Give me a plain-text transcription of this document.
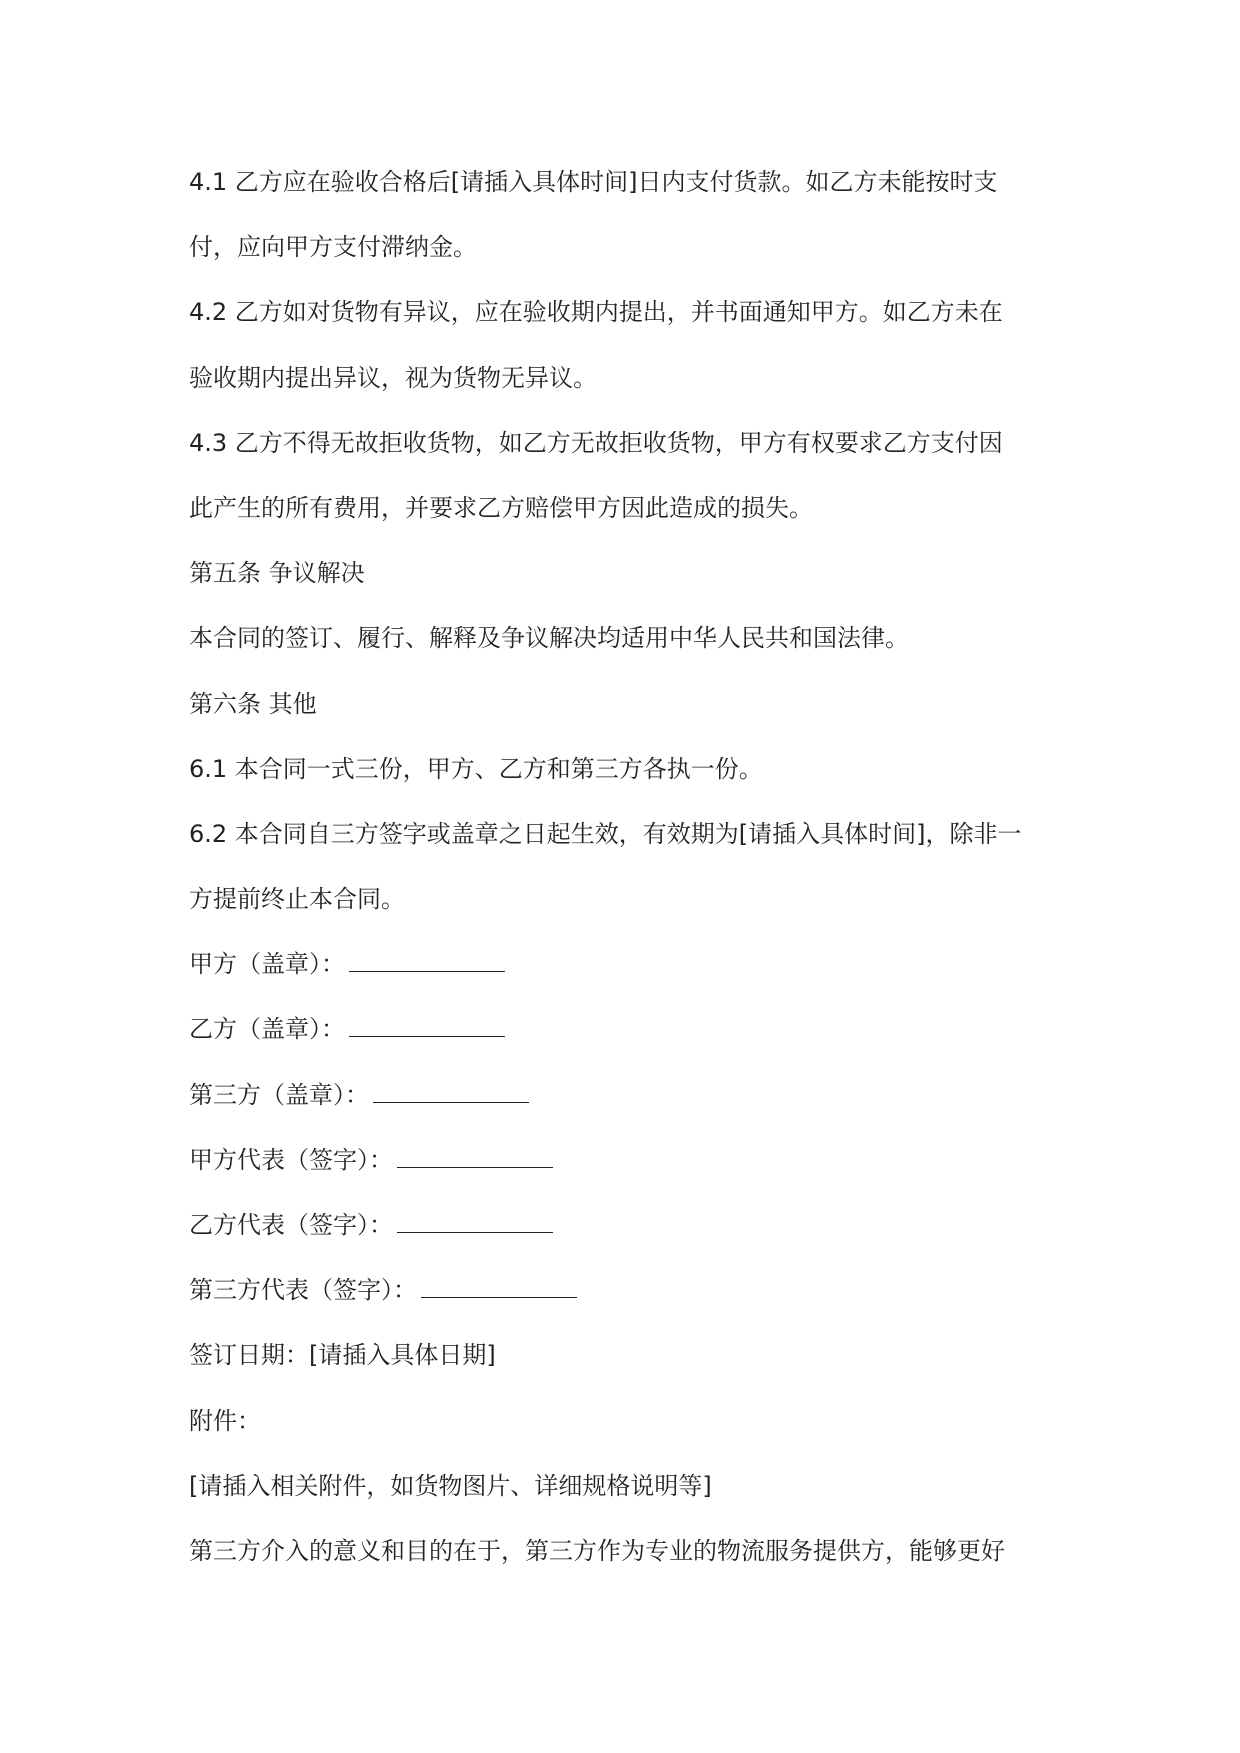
4.1 乙方应在验收合格后[请插入具体时间]日内支付货款。如乙方未能按时支
付，应向甲方支付滞纳金。
4.2 乙方如对货物有异议，应在验收期内提出，并书面通知甲方。如乙方未在
验收期内提出异议，视为货物无异议。
4.3 乙方不得无故拒收货物，如乙方无故拒收货物，甲方有权要求乙方支付因
此产生的所有费用，并要求乙方赔偿甲方因此造成的损失。
第五条 争议解决
本合同的签订、履行、解释及争议解决均适用中华人民共和国法律。
第六条 其他
6.1 本合同一式三份，甲方、乙方和第三方各执一份。
6.2 本合同自三方签字或盖章之日起生效，有效期为[请插入具体时间]，除非一
方提前终止本合同。
甲方（盖章）：
乙方（盖章）：
第三方（盖章）：
甲方代表（签字）：
乙方代表（签字）：
第三方代表（签字）：
签订日期：[请插入具体日期]
附件：
[请插入相关附件，如货物图片、详细规格说明等]
第三方介入的意义和目的在于，第三方作为专业的物流服务提供方，能够更好
